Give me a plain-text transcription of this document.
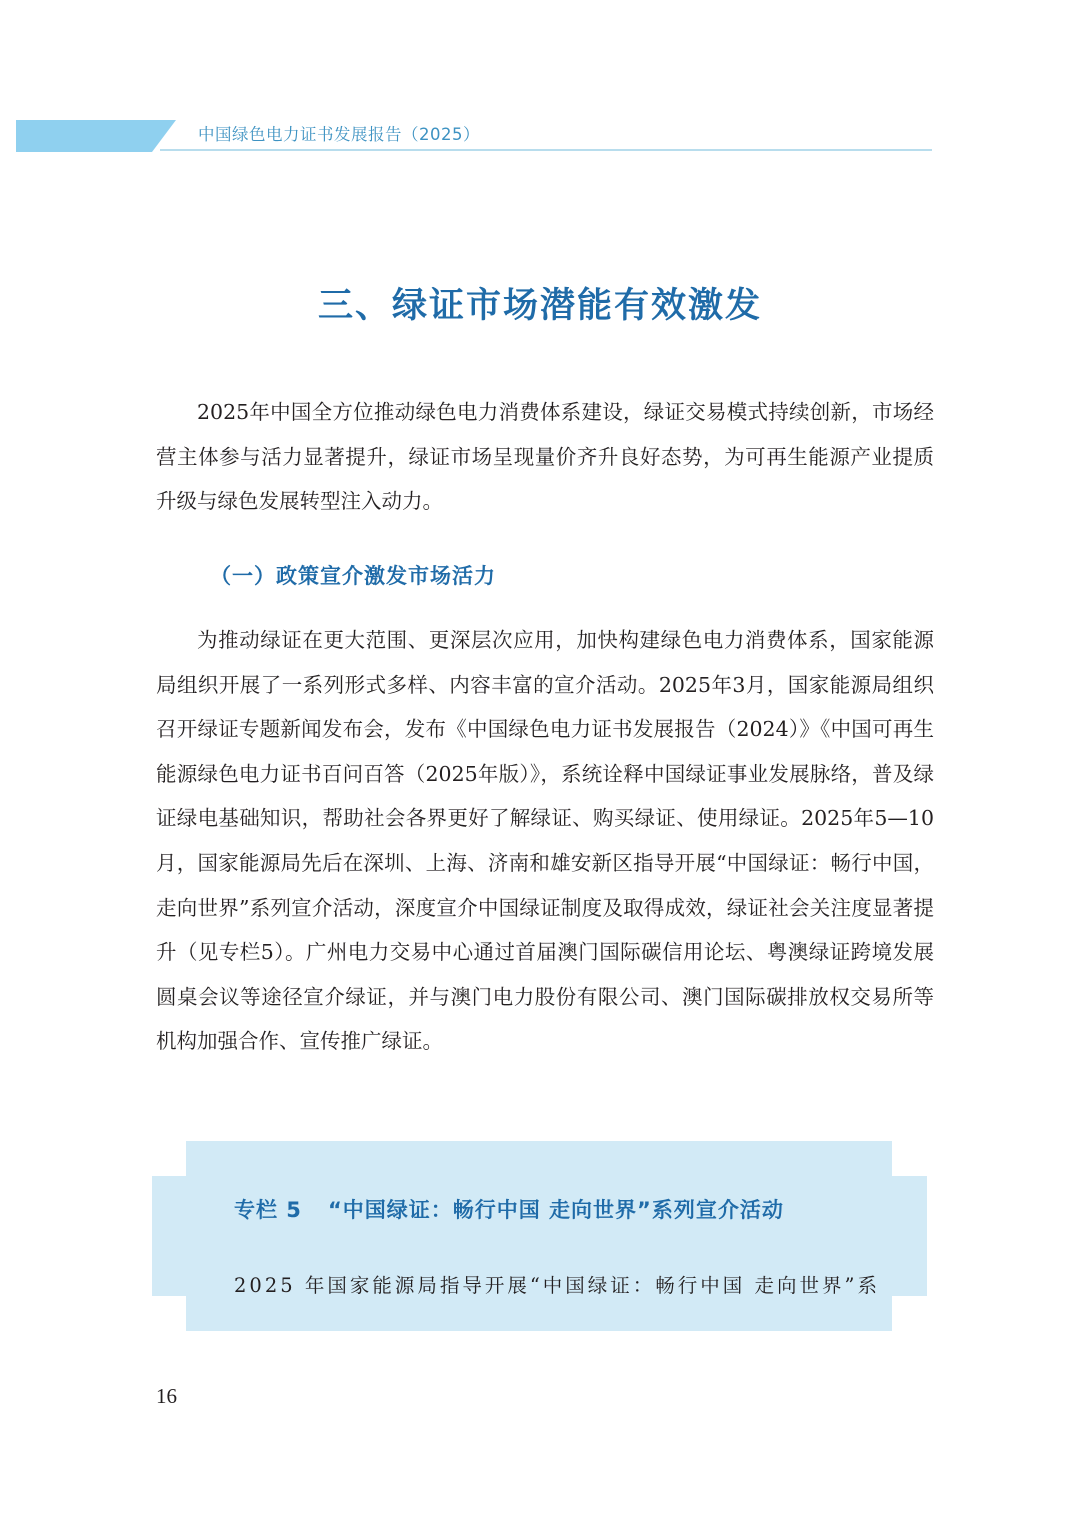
中国绿色电力证书发展报告（2025）
三、绿证市场潜能有效激发

2025年中国全方位推动绿色电力消费体系建设，绿证交易模式持续创新，市场经营主体参与活力显著提升，绿证市场呈现量价齐升良好态势，为可再生能源产业提质升级与绿色发展转型注入动力。

（一）政策宣介激发市场活力

为推动绿证在更大范围、更深层次应用，加快构建绿色电力消费体系，国家能源局组织开展了一系列形式多样、内容丰富的宣介活动。2025年3月，国家能源局组织召开绿证专题新闻发布会，发布《中国绿色电力证书发展报告（2024）》《中国可再生能源绿色电力证书百问百答（2025年版）》，系统诠释中国绿证事业发展脉络，普及绿证绿电基础知识，帮助社会各界更好了解绿证、购买绿证、使用绿证。2025年5—10月，国家能源局先后在深圳、上海、济南和雄安新区指导开展“中国绿证：畅行中国，走向世界”系列宣介活动，深度宣介中国绿证制度及取得成效，绿证社会关注度显著提升（见专栏5）。广州电力交易中心通过首届澳门国际碳信用论坛、粤澳绿证跨境发展圆桌会议等途径宣介绿证，并与澳门电力股份有限公司、澳门国际碳排放权交易所等机构加强合作、宣传推广绿证。

专栏 5 “中国绿证：畅行中国 走向世界”系列宣介活动
2025 年国家能源局指导开展“中国绿证：畅行中国 走向世界”系
16
